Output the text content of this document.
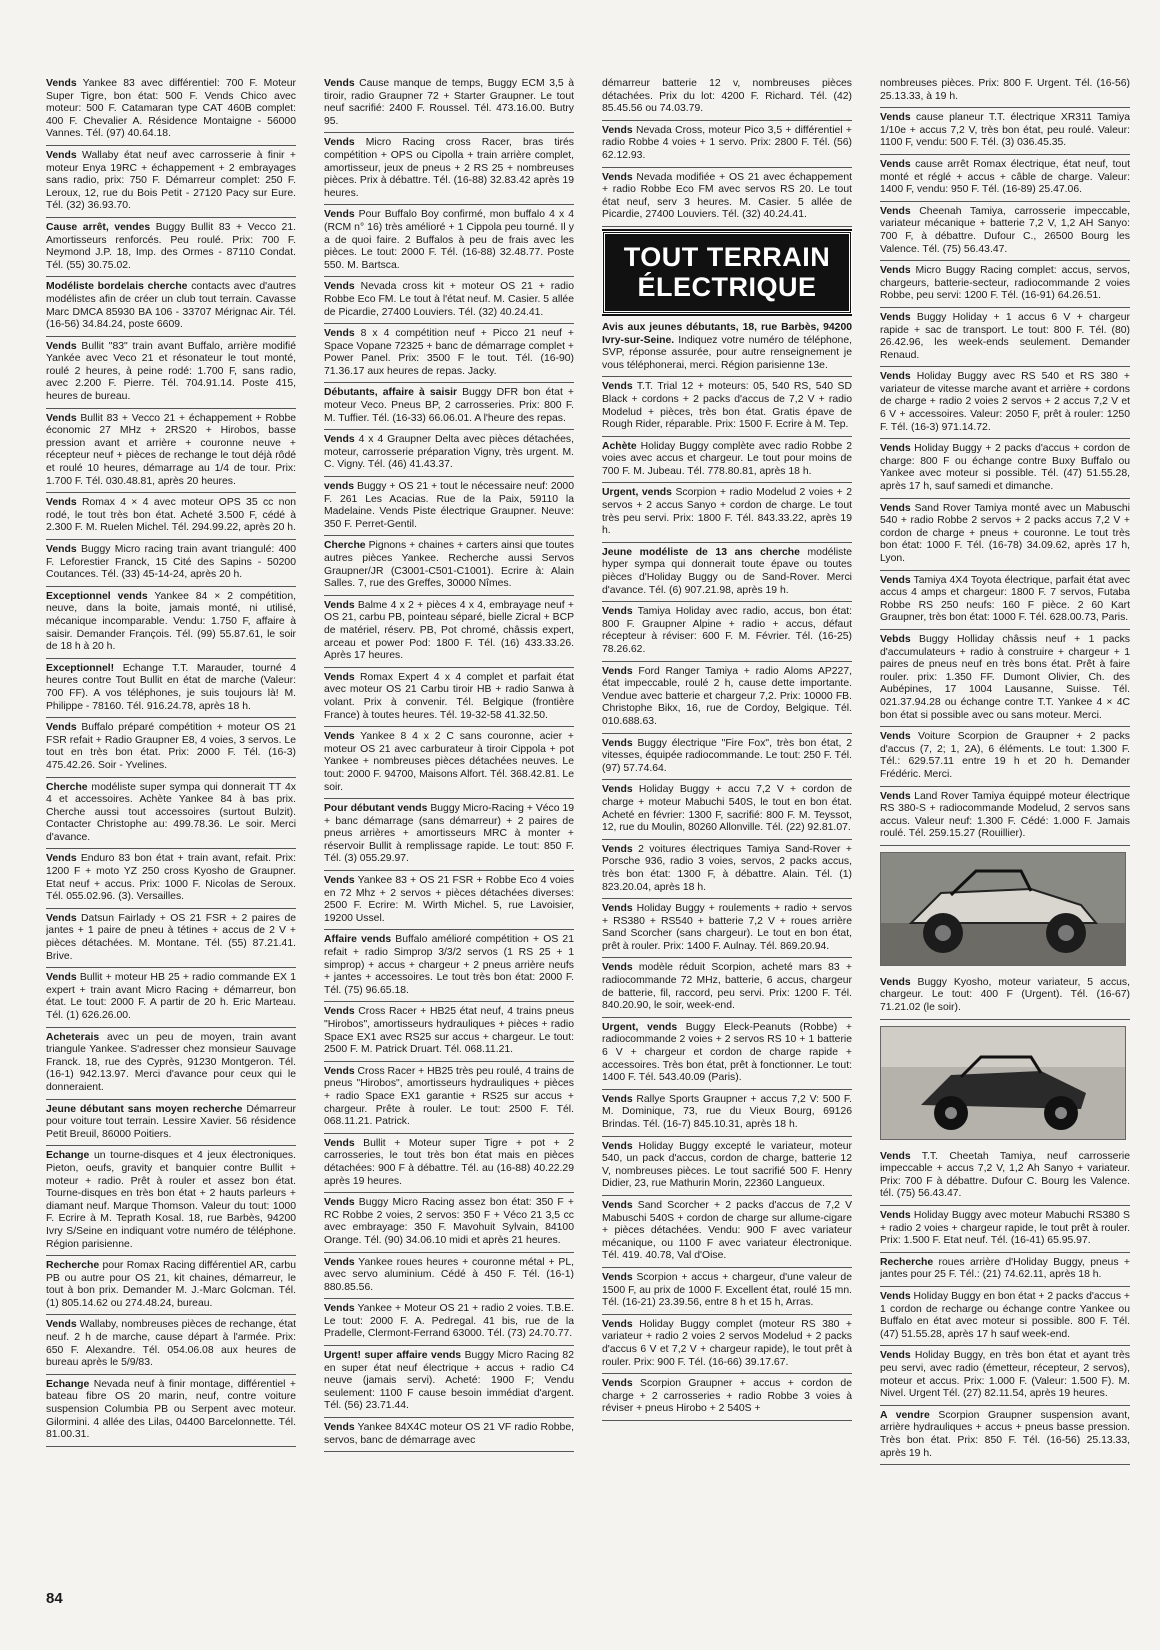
Vends Yankee 83 avec différentiel: 700 F. Moteur Super Tigre, bon état: 500 F. Vends Chico avec moteur: 500 F. Catamaran type CAT 460B complet: 400 F. Chevalier A. Résidence Montaigne - 56000 Vannes. Tél. (97) 40.64.18.
Vends Wallaby état neuf avec carrosserie à finir + moteur Enya 19RC + échappement + 2 embrayages sans radio, prix: 750 F. Démarreur complet: 250 F. Leroux, 12, rue du Bois Petit - 27120 Pacy sur Eure. Tél. (32) 36.93.70.
Cause arrêt, vendes Buggy Bullit 83 + Vecco 21. Amortisseurs renforcés. Peu roulé. Prix: 700 F. Neymond J.P. 18, Imp. des Ormes - 87110 Condat. Tél. (55) 30.75.02.
Modéliste bordelais cherche contacts avec d'autres modélistes afin de créer un club tout terrain. Cavasse Marc DMCA 85930 BA 106 - 33707 Mérignac Air. Tél. (16-56) 34.84.24, poste 6609.
Vends Bullit "83" train avant Buffalo, arrière modifié Yankée avec Veco 21 et résonateur le tout monté, roulé 2 heures, à peine rodé: 1.700 F, sans radio, avec 2.200 F. Pierre. Tél. 704.91.14. Poste 415, heures de bureau.
Vends Bullit 83 + Vecco 21 + échappement + Robbe économic 27 MHz + 2RS20 + Hirobos, basse pression avant et arrière + couronne neuve + récepteur neuf + pièces de rechange le tout déjà rôdé et roulé 10 heures, démarrage au 1/4 de tour. Prix: 1.700 F. Tél. 030.48.81, après 20 heures.
Vends Romax 4 × 4 avec moteur OPS 35 cc non rodé, le tout très bon état. Acheté 3.500 F, cédé à 2.300 F. M. Ruelen Michel. Tél. 294.99.22, après 20 h.
Vends Buggy Micro racing train avant triangulé: 400 F. Leforestier Franck, 15 Cité des Sapins - 50200 Coutances. Tél. (33) 45-14-24, après 20 h.
Exceptionnel vends Yankee 84 × 2 compétition, neuve, dans la boite, jamais monté, ni utilisé, mécanique incomparable. Vendu: 1.750 F, affaire à saisir. Demander François. Tél. (99) 55.87.61, le soir de 18 h à 20 h.
Exceptionnel! Echange T.T. Marauder, tourné 4 heures contre Tout Bullit en état de marche (Valeur: 700 FF). A vos téléphones, je suis toujours là! M. Philippe - 78160. Tél. 916.24.78, après 18 h.
Vends Buffalo préparé compétition + moteur OS 21 FSR refait + Radio Graupner E8, 4 voies, 3 servos. Le tout en très bon état. Prix: 2000 F. Tél. (16-3) 475.42.26. Soir - Yvelines.
Cherche modéliste super sympa qui donnerait TT 4x 4 et accessoires. Achète Yankee 84 à bas prix. Cherche aussi tout accessoires (surtout Bulzit). Contacter Christophe au: 499.78.36. Le soir. Merci d'avance.
Vends Enduro 83 bon état + train avant, refait. Prix: 1200 F + moto YZ 250 cross Kyosho de Graupner. Etat neuf + accus. Prix: 1000 F. Nicolas de Seroux. Tél. 055.02.96. (3). Versailles.
Vends Datsun Fairlady + OS 21 FSR + 2 paires de jantes + 1 paire de pneu à tétines + accus de 2 V + pièces détachées. M. Montane. Tél. (55) 87.21.41. Brive.
Vends Bullit + moteur HB 25 + radio commande EX 1 expert + train avant Micro Racing + démarreur, bon état. Le tout: 2000 F. A partir de 20 h. Eric Marteau. Tél. (1) 626.26.00.
Acheterais avec un peu de moyen, train avant triangule Yankee. S'adresser chez monsieur Sauvage Franck. 18, rue des Cyprès, 91230 Montgeron. Tél. (16-1) 942.13.97. Merci d'avance pour ceux qui le donneraient.
Jeune débutant sans moyen recherche Démarreur pour voiture tout terrain. Lessire Xavier. 56 résidence Petit Breuil, 86000 Poitiers.
Echange un tourne-disques et 4 jeux électroniques. Pieton, oeufs, gravity et banquier contre Bullit + moteur + radio. Prêt à rouler et assez bon état. Tourne-disques en très bon état + 2 hauts parleurs + diamant neuf. Marque Thomson. Valeur du tout: 1000 F. Ecrire à M. Teprath Kosal. 18, rue Barbès, 94200 Ivry S/Seine en indiquant votre numéro de téléphone. Région parisienne.
Recherche pour Romax Racing différentiel AR, carbu PB ou autre pour OS 21, kit chaines, démarreur, le tout à bon prix. Demander M. J.-Marc Golcman. Tél. (1) 805.14.62 ou 274.48.24, bureau.
Vends Wallaby, nombreuses pièces de rechange, état neuf. 2 h de marche, cause départ à l'armée. Prix: 650 F. Alexandre. Tél. 054.06.08 aux heures de bureau après le 5/9/83.
Echange Nevada neuf à finir montage, différentiel + bateau fibre OS 20 marin, neuf, contre voiture suspension Columbia PB ou Serpent avec moteur. Gilormini. 4 allée des Lilas, 04400 Barcelonnette. Tél. 81.00.31.
Vends Cause manque de temps, Buggy ECM 3,5 à tiroir, radio Graupner 72 + Starter Graupner. Le tout neuf sacrifié: 2400 F. Roussel. Tél. 473.16.00. Butry 95.
Vends Micro Racing cross Racer, bras tirés compétition + OPS ou Cipolla + train arrière complet, amortisseur, jeux de pneus + 2 RS 25 + nombreuses pièces. Prix à débattre. Tél. (16-88) 32.83.42 après 19 heures.
Vends Pour Buffalo Boy confirmé, mon buffalo 4 x 4 (RCM n° 16) très amélioré + 1 Cippola peu tourné. Il y a de quoi faire. 2 Buffalos à peu de frais avec les pièces. Le tout: 2000 F. Tél. (16-88) 32.48.77. Poste 550. M. Bartsca.
Vends Nevada cross kit + moteur OS 21 + radio Robbe Eco FM. Le tout à l'état neuf. M. Casier. 5 allée de Picardie, 27400 Louviers. Tél. (32) 40.24.41.
Vends 8 x 4 compétition neuf + Picco 21 neuf + Space Vopane 72325 + banc de démarrage complet + Power Panel. Prix: 3500 F le tout. Tél. (16-90) 71.36.17 aux heures de repas. Jacky.
Débutants, affaire à saisir Buggy DFR bon état + moteur Veco. Pneus BP, 2 carrosseries. Prix: 800 F. M. Tuffier. Tél. (16-33) 66.06.01. A l'heure des repas.
Vends 4 x 4 Graupner Delta avec pièces détachées, moteur, carrosserie préparation Vigny, très urgent. M. C. Vigny. Tél. (46) 41.43.37.
vends Buggy + OS 21 + tout le nécessaire neuf: 2000 F. 261 Les Acacias. Rue de la Paix, 59110 la Madelaine. Vends Piste électrique Graupner. Neuve: 350 F. Perret-Gentil.
Cherche Pignons + chaines + carters ainsi que toutes autres pièces Yankee. Recherche aussi Servos Graupner/JR (C3001-C501-C1001). Ecrire à: Alain Salles. 7, rue des Greffes, 30000 Nîmes.
Vends Balme 4 x 2 + pièces 4 x 4, embrayage neuf + OS 21, carbu PB, pointeau séparé, bielle Zicral + BCP de matériel, réserv. PB, Pot chromé, châssis expert, arceau et power Pod: 1800 F. Tél. (16) 433.33.26. Après 17 heures.
Vends Romax Expert 4 x 4 complet et parfait état avec moteur OS 21 Carbu tiroir HB + radio Sanwa à volant. Prix à convenir. Tél. Belgique (frontière France) à toutes heures. Tél. 19-32-58 41.32.50.
Vends Yankee 8 4 x 2 C sans couronne, acier + moteur OS 21 avec carburateur à tiroir Cippola + pot Yankee + nombreuses pièces détachées neuves. Le tout: 2000 F. 94700, Maisons Alfort. Tél. 368.42.81. Le soir.
Pour débutant vends Buggy Micro-Racing + Véco 19 + banc démarrage (sans démarreur) + 2 paires de pneus arrières + amortisseurs MRC à monter + réservoir Bullit à remplissage rapide. Le tout: 850 F. Tél. (3) 055.29.97.
Vends Yankee 83 + OS 21 FSR + Robbe Eco 4 voies en 72 Mhz + 2 servos + pièces détachées diverses: 2500 F. Ecrire: M. Wirth Michel. 5, rue Lavoisier, 19200 Ussel.
Affaire vends Buffalo amélioré compétition + OS 21 refait + radio Simprop 3/3/2 servos (1 RS 25 + 1 simprop) + accus + chargeur + 2 pneus arrière neufs + jantes + accessoires. Le tout très bon état: 2000 F. Tél. (75) 96.65.18.
Vends Cross Racer + HB25 état neuf, 4 trains pneus "Hirobos", amortisseurs hydrauliques + pièces + radio Space EX1 avec RS25 sur accus + chargeur. Le tout: 2500 F. M. Patrick Druart. Tél. 068.11.21.
Vends Cross Racer + HB25 très peu roulé, 4 trains de pneus "Hirobos", amortisseurs hydrauliques + pièces + radio Space EX1 garantie + RS25 sur accus + chargeur. Prête à rouler. Le tout: 2500 F. Tél. 068.11.21. Patrick.
Vends Bullit + Moteur super Tigre + pot + 2 carrosseries, le tout très bon état mais en pièces détachées: 900 F à débattre. Tél. au (16-88) 40.22.29 après 19 heures.
Vends Buggy Micro Racing assez bon état: 350 F + RC Robbe 2 voies, 2 servos: 350 F + Véco 21 3,5 cc avec embrayage: 350 F. Mavohuit Sylvain, 84100 Orange. Tél. (90) 34.06.10 midi et après 21 heures.
Vends Yankee roues heures + couronne métal + PL, avec servo aluminium. Cédé à 450 F. Tél. (16-1) 880.85.56.
Vends Yankee + Moteur OS 21 + radio 2 voies. T.B.E. Le tout: 2000 F. A. Pedregal. 41 bis, rue de la Pradelle, Clermont-Ferrand 63000. Tél. (73) 24.70.77.
Urgent! super affaire vends Buggy Micro Racing 82 en super état neuf électrique + accus + radio C4 neuve (jamais servi). Acheté: 1900 F; Vendu seulement: 1100 F cause besoin immédiat d'argent. Tél. (56) 23.71.44.
Vends Yankee 84X4C moteur OS 21 VF radio Robbe, servos, banc de démarrage avec
démarreur batterie 12 v, nombreuses pièces détachées. Prix du lot: 4200 F. Richard. Tél. (42) 85.45.56 ou 74.03.79.
Vends Nevada Cross, moteur Pico 3,5 + différentiel + radio Robbe 4 voies + 1 servo. Prix: 2800 F. Tél. (56) 62.12.93.
Vends Nevada modifiée + OS 21 avec échappement + radio Robbe Eco FM avec servos RS 20. Le tout état neuf, serv 3 heures. M. Casier. 5 allée de Picardie, 27400 Louviers. Tél. (32) 40.24.41.
TOUT TERRAIN
ÉLECTRIQUE
Avis aux jeunes débutants, 18, rue Barbès, 94200 Ivry-sur-Seine. Indiquez votre numéro de téléphone, SVP, réponse assurée, pour autre renseignement je vous téléphonerai, merci. Région parisienne 13e.
Vends T.T. Trial 12 + moteurs: 05, 540 RS, 540 SD Black + cordons + 2 packs d'accus de 7,2 V + radio Modelud + pièces, très bon état. Gratis épave de Rough Rider, réparable. Prix: 1500 F. Ecrire à M. Tep.
Achète Holiday Buggy complète avec radio Robbe 2 voies avec accus et chargeur. Le tout pour moins de 700 F. M. Jubeau. Tél. 778.80.81, après 18 h.
Urgent, vends Scorpion + radio Modelud 2 voies + 2 servos + 2 accus Sanyo + cordon de charge. Le tout très peu servi. Prix: 1800 F. Tél. 843.33.22, après 19 h.
Jeune modéliste de 13 ans cherche modéliste hyper sympa qui donnerait toute épave ou toutes pièces d'Holiday Buggy ou de Sand-Rover. Merci d'avance. Tél. (6) 907.21.98, après 19 h.
Vends Tamiya Holiday avec radio, accus, bon état: 800 F. Graupner Alpine + radio + accus, défaut récepteur à réviser: 600 F. M. Février. Tél. (16-25) 78.26.62.
Vends Ford Ranger Tamiya + radio Aloms AP227, état impeccable, roulé 2 h, cause dette importante. Vendue avec batterie et chargeur 7,2. Prix: 10000 FB. Christophe Bikx, 16, rue de Cordoy, Belgique. Tél. 010.688.63.
Vends Buggy électrique "Fire Fox", très bon état, 2 vitesses, équipée radiocommande. Le tout: 250 F. Tél. (97) 57.74.64.
Vends Holiday Buggy + accu 7,2 V + cordon de charge + moteur Mabuchi 540S, le tout en bon état. Acheté en février: 1300 F, sacrifié: 800 F. M. Teyssot, 12, rue du Moulin, 80260 Allonville. Tél. (22) 92.81.07.
Vends 2 voitures électriques Tamiya Sand-Rover + Porsche 936, radio 3 voies, servos, 2 packs accus, très bon état: 1300 F, à débattre. Alain. Tél. (1) 823.20.04, après 18 h.
Vends Holiday Buggy + roulements + radio + servos + RS380 + RS540 + batterie 7,2 V + roues arrière Sand Scorcher (sans chargeur). Le tout en bon état, prêt à rouler. Prix: 1400 F. Aulnay. Tél. 869.20.94.
Vends modèle réduit Scorpion, acheté mars 83 + radiocommande 72 MHz, batterie, 6 accus, chargeur de batterie, fil, raccord, peu servi. Prix: 1200 F. Tél. 840.20.90, le soir, week-end.
Urgent, vends Buggy Eleck-Peanuts (Robbe) + radiocommande 2 voies + 2 servos RS 10 + 1 batterie 6 V + chargeur et cordon de charge rapide + accessoires. Très bon état, prêt à fonctionner. Le tout: 1400 F. Tél. 543.40.09 (Paris).
Vends Rallye Sports Graupner + accus 7,2 V: 500 F. M. Dominique, 73, rue du Vieux Bourg, 69126 Brindas. Tél. (16-7) 845.10.31, après 18 h.
Vends Holiday Buggy excepté le variateur, moteur 540, un pack d'accus, cordon de charge, batterie 12 V, nombreuses pièces. Le tout sacrifié 500 F. Henry Didier, 23, rue Mathurin Morin, 22360 Langueux.
Vends Sand Scorcher + 2 packs d'accus de 7,2 V Mabuschi 540S + cordon de charge sur allume-cigare + pièces détachées. Vendu: 900 F avec variateur mécanique, ou 1100 F avec variateur électronique. Tél. 419. 40.78, Val d'Oise.
Vends Scorpion + accus + chargeur, d'une valeur de 1500 F, au prix de 1000 F. Excellent état, roulé 15 mn. Tél. (16-21) 23.39.56, entre 8 h et 15 h, Arras.
Vends Holiday Buggy complet (moteur RS 380 + variateur + radio 2 voies 2 servos Modelud + 2 packs d'accus 6 V et 7,2 V + chargeur rapide), le tout prêt à rouler. Prix: 900 F. Tél. (16-66) 39.17.67.
Vends Scorpion Graupner + accus + cordon de charge + 2 carrosseries + radio Robbe 3 voies à réviser + pneus Hirobo + 2 540S +
nombreuses pièces. Prix: 800 F. Urgent. Tél. (16-56) 25.13.33, à 19 h.
Vends cause planeur T.T. électrique XR311 Tamiya 1/10e + accus 7,2 V, très bon état, peu roulé. Valeur: 1100 F, vendu: 500 F. Tél. (3) 036.45.35.
Vends cause arrêt Romax électrique, état neuf, tout monté et réglé + accus + câble de charge. Valeur: 1400 F, vendu: 950 F. Tél. (16-89) 25.47.06.
Vends Cheenah Tamiya, carrosserie impeccable, variateur mécanique + batterie 7,2 V, 1,2 AH Sanyo: 700 F, à débattre. Dufour C., 26500 Bourg les Valence. Tél. (75) 56.43.47.
Vends Micro Buggy Racing complet: accus, servos, chargeurs, batterie-secteur, radiocommande 2 voies Robbe, peu servi: 1200 F. Tél. (16-91) 64.26.51.
Vends Buggy Holiday + 1 accus 6 V + chargeur rapide + sac de transport. Le tout: 800 F. Tél. (80) 26.42.96, les week-ends seulement. Demander Renaud.
Vends Holiday Buggy avec RS 540 et RS 380 + variateur de vitesse marche avant et arrière + cordons de charge + radio 2 voies 2 servos + 2 accus 7,2 V et 6 V + accessoires. Valeur: 2050 F, prêt à rouler: 1250 F. Tél. (16-3) 971.14.72.
Vends Holiday Buggy + 2 packs d'accus + cordon de charge: 800 F ou échange contre Buxy Buffalo ou Yankee avec moteur si possible. Tél. (47) 51.55.28, après 17 h, sauf samedi et dimanche.
Vends Sand Rover Tamiya monté avec un Mabuschi 540 + radio Robbe 2 servos + 2 packs accus 7,2 V + cordon de charge + pneus + couronne. Le tout très bon état: 1000 F. Tél. (16-78) 34.09.62, après 17 h, Lyon.
Vends Tamiya 4X4 Toyota électrique, parfait état avec accus 4 amps et chargeur: 1800 F. 7 servos, Futaba Robbe RS 250 neufs: 160 F pièce. 2 60 Kart Graupner, très bon état: 1000 F. Tél. 628.00.73, Paris.
Vebds Buggy Holliday châssis neuf + 1 packs d'accumulateurs + radio à construire + chargeur + 1 paires de pneus neuf en très bons état. Prêt à faire rouler. prix: 1.350 FF. Dumont Olivier, Ch. des Aubépines, 17 1004 Lausanne, Suisse. Tél. 021.37.94.28 ou échange contre T.T. Yankee 4 × 4C bon état si possible avec ou sans moteur. Merci.
Vends Voiture Scorpion de Graupner + 2 packs d'accus (7, 2; 1, 2A), 6 éléments. Le tout: 1.300 F. Tél.: 629.57.11 entre 19 h et 20 h. Demander Frédéric. Merci.
Vends Land Rover Tamiya équippé moteur électrique RS 380-S + radiocommande Modelud, 2 servos sans accus. Valeur neuf: 1.300 F. Cédé: 1.000 F. Jamais roulé. Tél. 259.15.27 (Rouillier).
Vends Buggy Kyosho, moteur variateur, 5 accus, chargeur. Le tout: 400 F (Urgent). Tél. (16-67) 71.21.02 (le soir).
Vends T.T. Cheetah Tamiya, neuf carrosserie impeccable + accus 7,2 V, 1,2 Ah Sanyo + variateur. Prix: 700 F à débattre. Dufour C. Bourg les Valence. tél. (75) 56.43.47.
Vends Holiday Buggy avec moteur Mabuchi RS380 S + radio 2 voies + chargeur rapide, le tout prêt à rouler. Prix: 1.500 F. Etat neuf. Tél. (16-41) 65.95.97.
Recherche roues arrière d'Holiday Buggy, pneus + jantes pour 25 F. Tél.: (21) 74.62.11, après 18 h.
Vends Holiday Buggy en bon état + 2 packs d'accus + 1 cordon de recharge ou échange contre Yankee ou Buffalo en état avec moteur si possible. 800 F. Tél. (47) 51.55.28, après 17 h sauf week-end.
Vends Holiday Buggy, en très bon état et ayant très peu servi, avec radio (émetteur, récepteur, 2 servos), moteur et accus. Prix: 1.000 F. (Valeur: 1.500 F). M. Nivel. Urgent Tél. (27) 82.11.54, après 19 heures.
A vendre Scorpion Graupner suspension avant, arrière hydrauliques + accus + pneus basse pression. Très bon état. Prix: 850 F. Tél. (16-56) 25.13.33, après 19 h.
84
